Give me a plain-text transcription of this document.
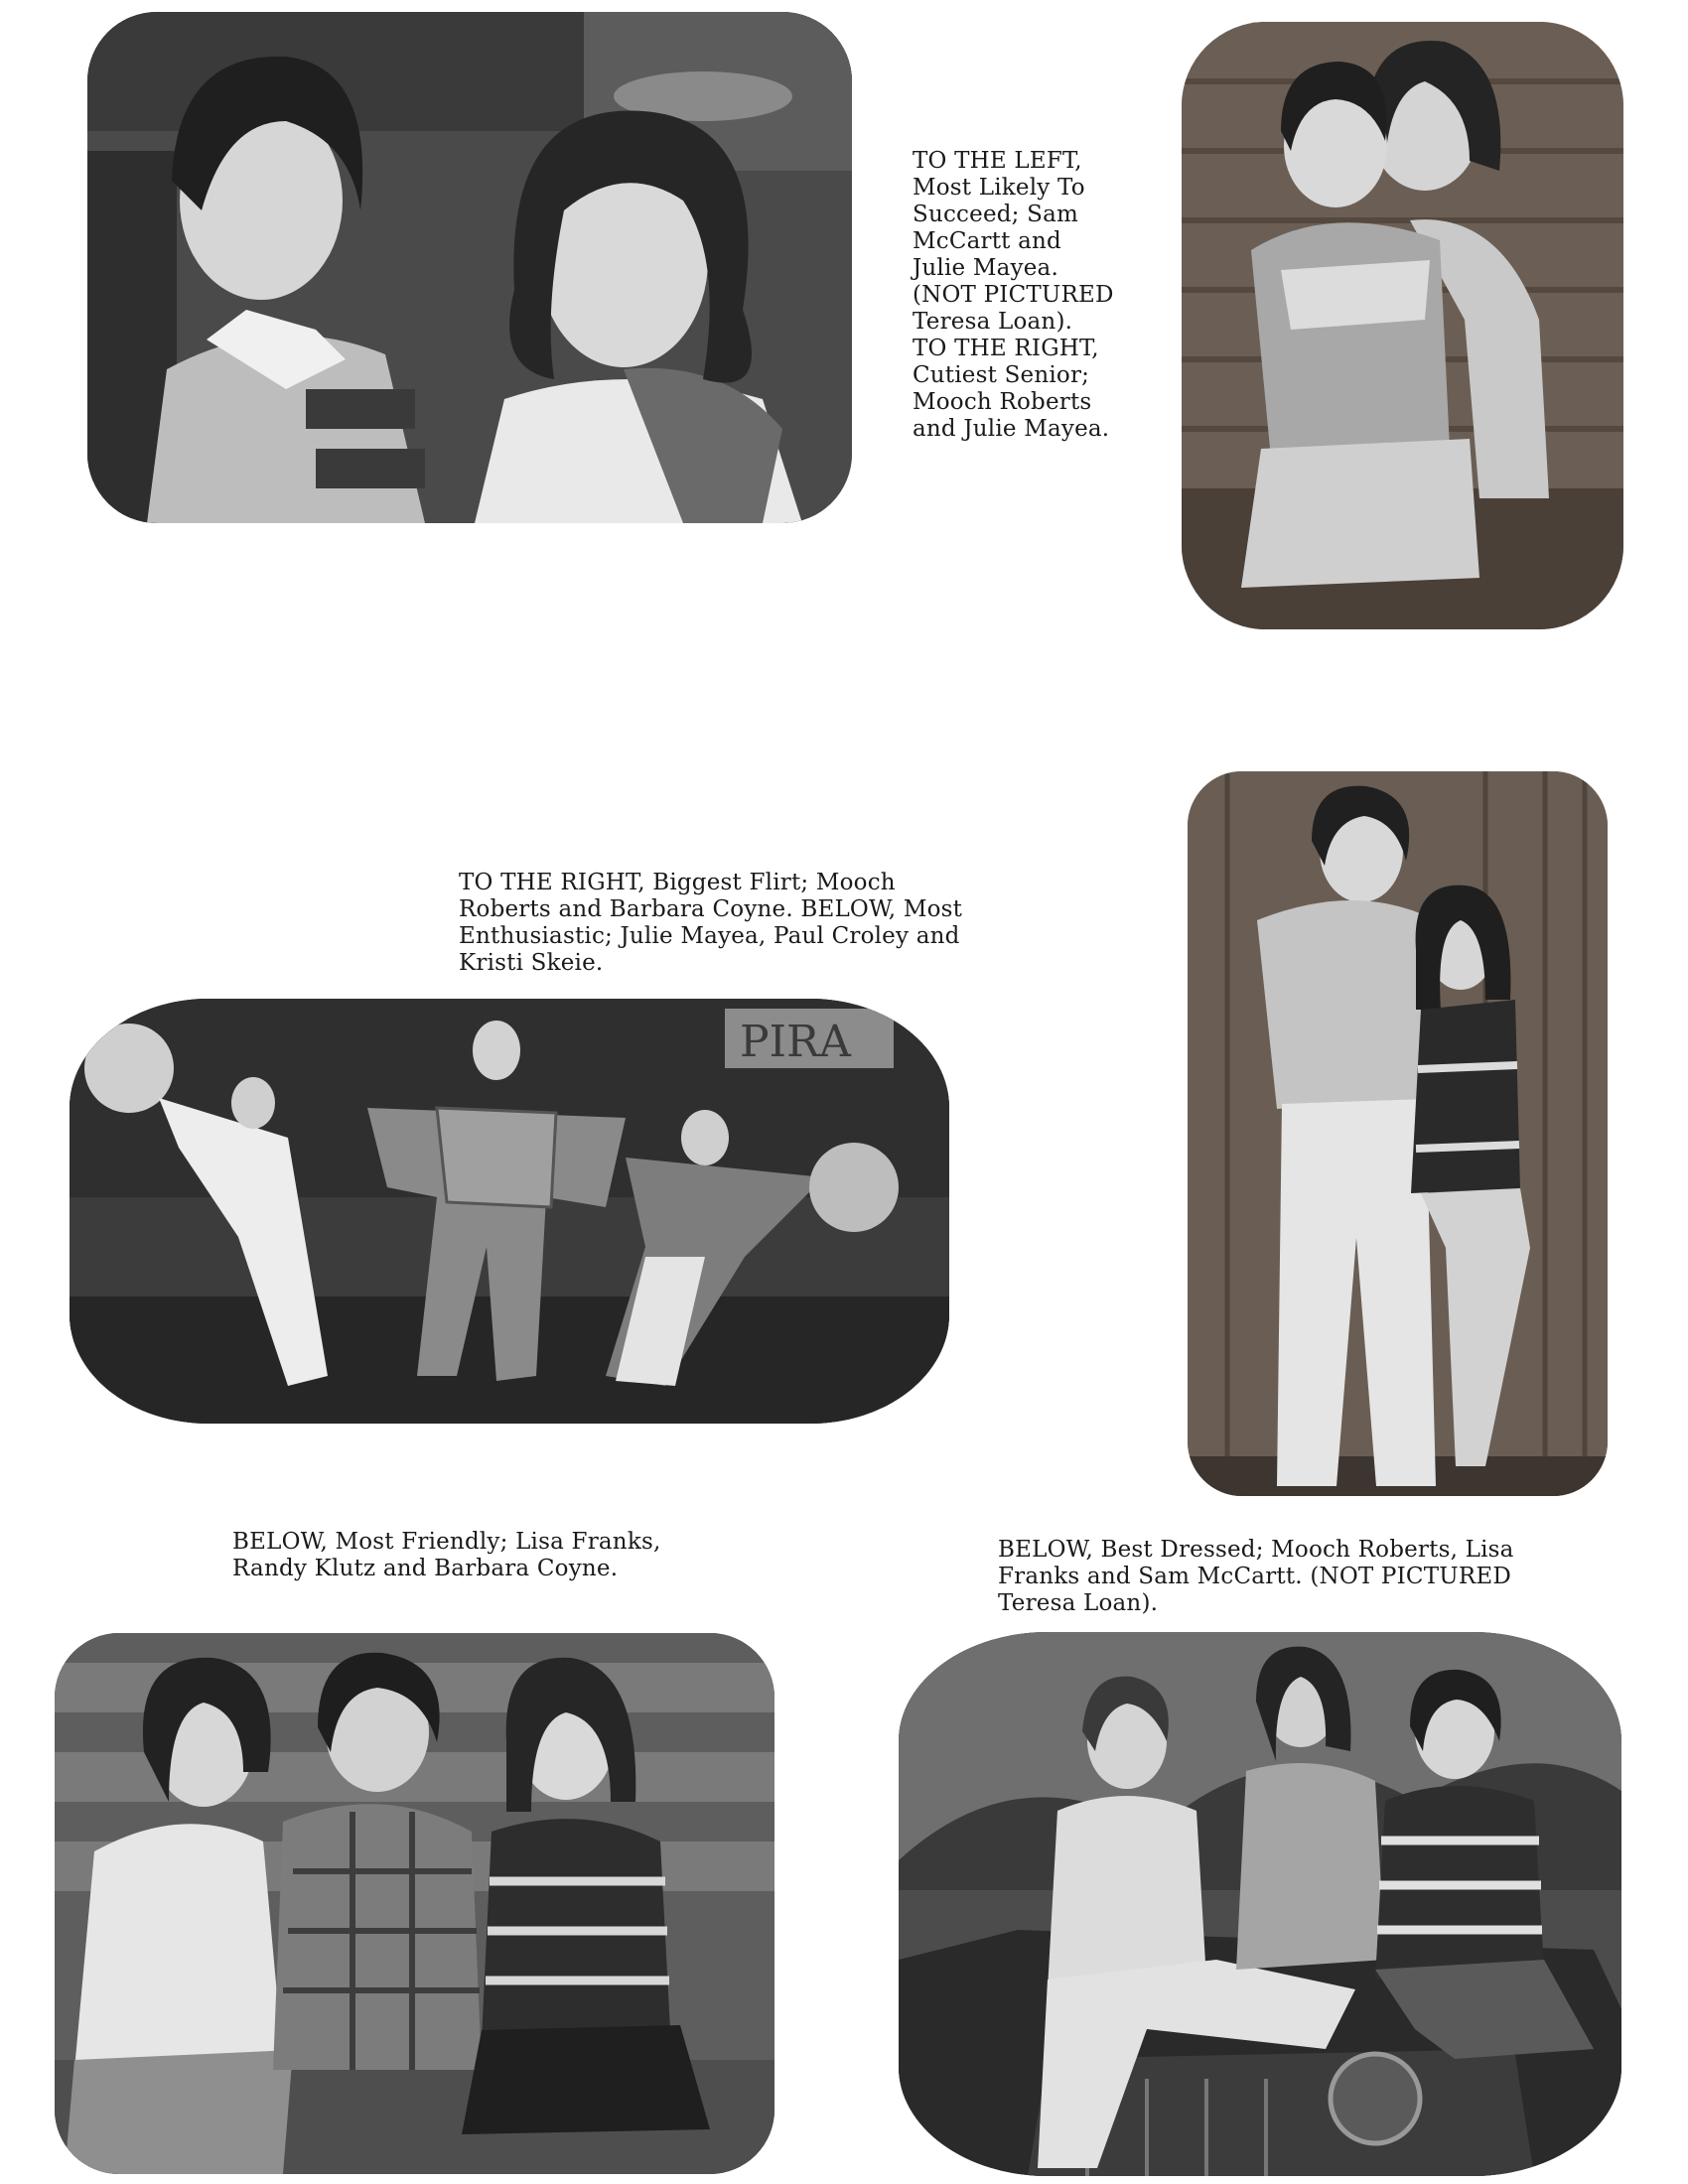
TO THE LEFT,
Most Likely To
Succeed; Sam
McCartt and
Julie Mayea.
(NOT PICTURED
Teresa Loan).
TO THE RIGHT,
Cutiest Senior;
Mooch Roberts
and Julie Mayea.
TO THE RIGHT, Biggest Flirt; Mooch
Roberts and Barbara Coyne. BELOW, Most
Enthusiastic; Julie Mayea, Paul Croley and
Kristi Skeie.
PIRA
BELOW, Most Friendly; Lisa Franks,
Randy Klutz and Barbara Coyne.
BELOW, Best Dressed; Mooch Roberts, Lisa
Franks and Sam McCartt. (NOT PICTURED
Teresa Loan).
